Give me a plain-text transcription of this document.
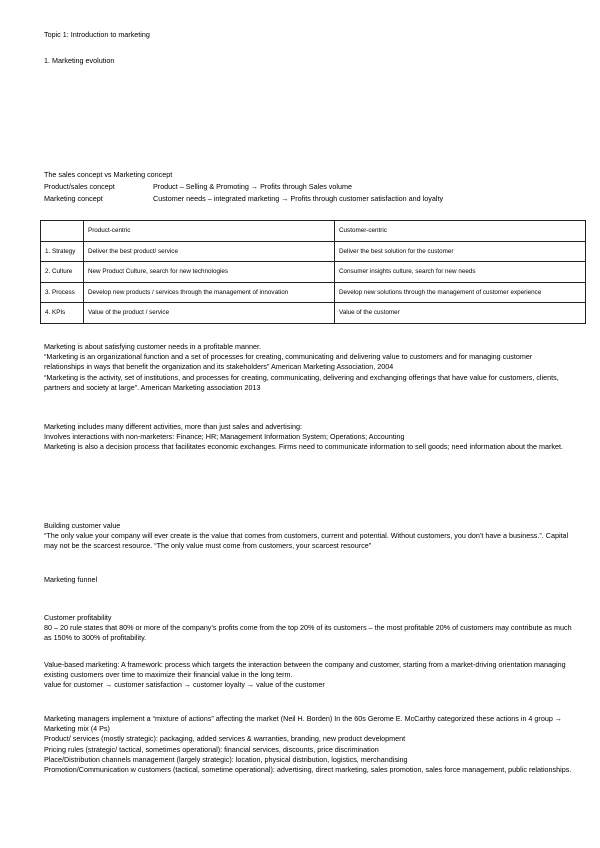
Topic 1: Introduction to marketing
1. Marketing evolution
The sales concept vs Marketing concept
Product/sales concept	Product – Selling & Promoting → Profits through Sales volume
Marketing concept	Customer needs – integrated marketing → Profits through customer satisfaction and loyalty
	Product-centric	Customer-centric
1. Strategy	Deliver the best product/ service	Deliver the best solution for the customer
2. Culture	New Product Culture, search for new technologies	Consumer insights culture, search for new needs
3. Process	Develop new products / services through the management of innovation	Develop new solutions through the management of customer experience
4. KPIs	Value of the product / service	Value of the customer
Marketing is about satisfying customer needs in a profitable manner.
“Marketing is an organizational function and a set of processes for creating, communicating and delivering value to customers and for managing customer relationships in ways that benefit the organization and its stakeholders” American Marketing Association, 2004
“Marketing is the activity, set of institutions, and processes for creating, communicating, delivering and exchanging offerings that have value for customers, clients, partners and society at large”. American Marketing association 2013
Marketing includes many different activities, more than just sales and advertising:
Involves interactions with non-marketers: Finance; HR; Management Information System; Operations; Accounting
Marketing is also a decision process that facilitates economic exchanges. Firms need to communicate information to sell goods; need information about the market.
Building customer value
“The only value your company will ever create is the value that comes from customers, current and potential. Without customers, you don’t have a business.”. Capital may not be the scarcest resource. “The only value must come from customers, your scarcest resource”
Marketing funnel
Customer profitability
80 – 20 rule states that 80% or more of the company’s profits come from the top 20% of its customers – the most profitable 20% of customers may contribute as much as 150% to 300% of profitability.
Value-based marketing: A framework: process which targets the interaction between the company and customer, starting from a market-driving orientation managing existing customers over time to maximize their financial value in the long term.
value for customer → customer satisfaction → customer loyalty → value of the customer
Marketing managers implement a “mixture of actions” affecting the market (Neil H. Borden) In the 60s Gerome E. McCarthy categorized these actions in 4 group → Marketing mix (4 Ps)
Product/ services (mostly strategic): packaging, added services & warranties, branding, new product development
Pricing rules (strategic/ tactical, sometimes operational): financial services, discounts, price discrimination
Place/Distribution channels management (largely strategic): location, physical distribution, logistics, merchandising
Promotion/Communication w customers (tactical, sometime operational): advertising, direct marketing, sales promotion, sales force management, public relationships.
